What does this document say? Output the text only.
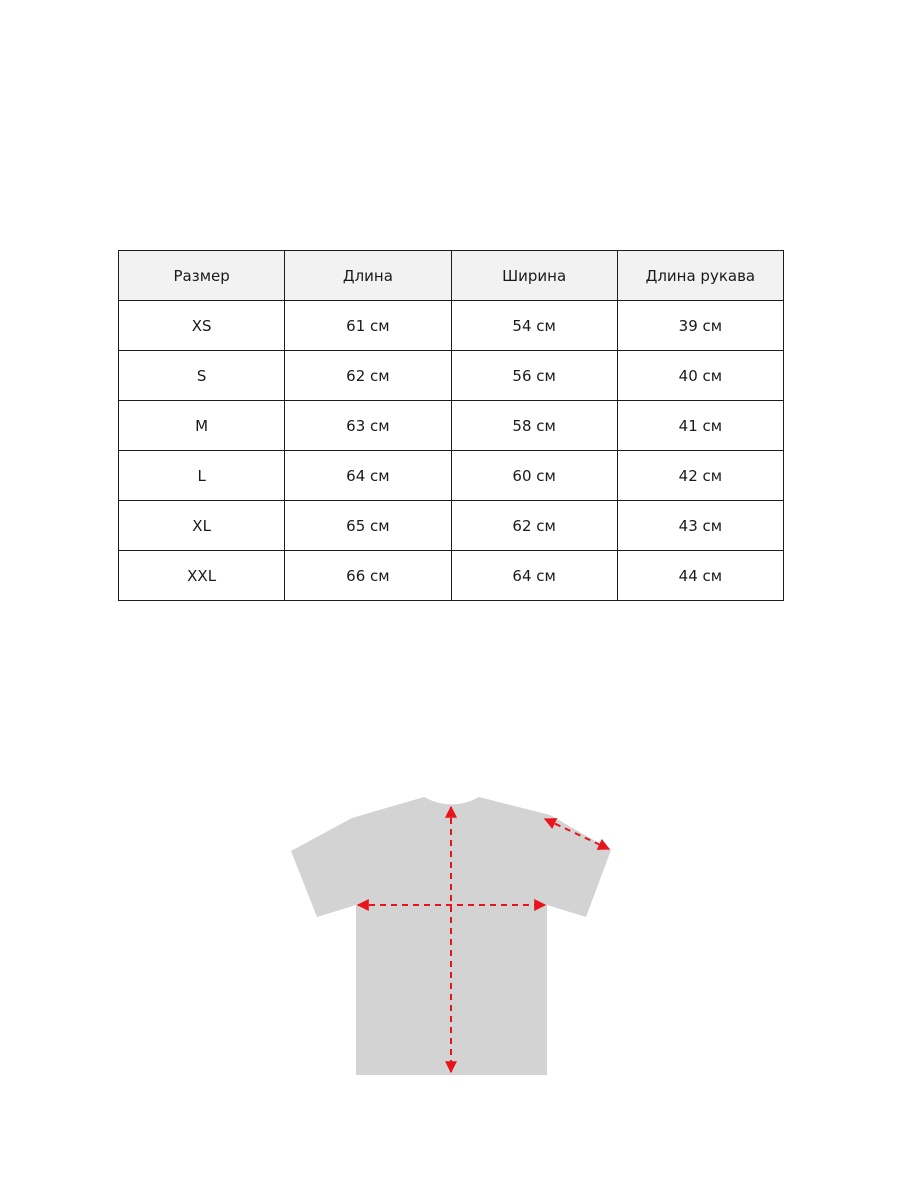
Размер	Длина	Ширина	Длина рукава
XS	61 см	54 см	39 см
S	62 см	56 см	40 см
M	63 см	58 см	41 см
L	64 см	60 см	42 см
XL	65 см	62 см	43 см
XXL	66 см	64 см	44 см
